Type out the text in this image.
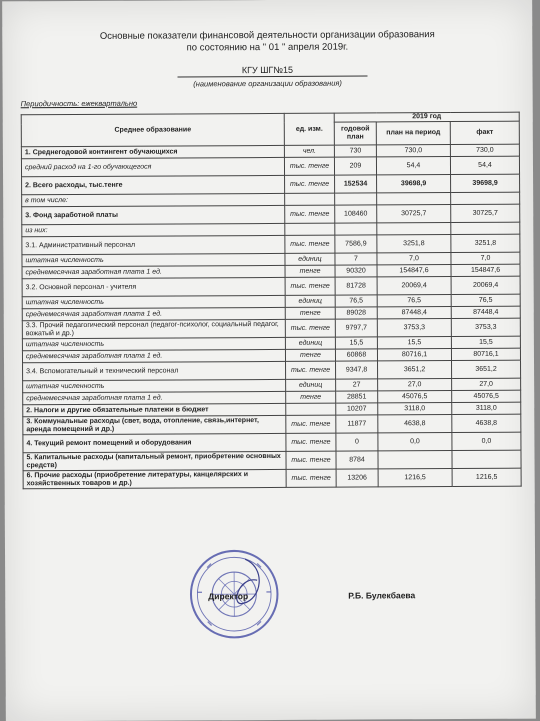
Основные показатели финансовой деятельности организации образования
по состоянию на " 01 " апреля 2019г.
КГУ ШГ№15
(наименование организации образования)
Периодичность: ежеквартально
Среднее образование	ед. изм.	2019 год		
		годовой план	план на период	факт
1. Среднегодовой контингент обучающихся	чел.	730	730,0	730,0
средний расход на 1-го обучающегося	тыс. тенге	209	54,4	54,4
2. Всего расходы, тыс.тенге	тыс. тенге	152534	39698,9	39698,9
в том числе:				
3. Фонд заработной платы	тыс. тенге	108460	30725,7	30725,7
из них:				
3.1. Административный персонал	тыс. тенге	7586,9	3251,8	3251,8
штатная численность	единиц	7	7,0	7,0
среднемесячная заработная плата 1 ед.	тенге	90320	154847,6	154847,6
3.2. Основной персонал - учителя	тыс. тенге	81728	20069,4	20069,4
штатная численность	единиц	76,5	76,5	76,5
среднемесячная заработная плата 1 ед.	тенге	89028	87448,4	87448,4
3.3. Прочий педагогический персонал (педагог-психолог, социальный педагог, вожатый и др.)	тыс. тенге	9797,7	3753,3	3753,3
штатная численность	единиц	15,5	15,5	15,5
среднемесячная заработная плата 1 ед.	тенге	60868	80716,1	80716,1
3.4. Вспомогательный и технический персонал	тыс. тенге	9347,8	3651,2	3651,2
штатная численность	единиц	27	27,0	27,0
среднемесячная заработная плата 1 ед.	тенге	28851	45076,5	45076,5
2. Налоги и другие обязательные платежи в бюджет		10207	3118,0	3118,0
3. Коммунальные расходы (свет, вода, отопление, связь,интернет, аренда помещений и др.)	тыс. тенге	11877	4638,8	4638,8
4. Текущий ремонт помещений и оборудования	тыс. тенге	0	0,0	0,0
5. Капитальные расходы (капитальный ремонт, приобретение основных средств)	тыс. тенге	8784		
6. Прочие расходы (приобретение литературы, канцелярских и хозяйственных товаров и др.)	тыс. тенге	13206	1216,5	1216,5
Директор	Р.Б. Булекбаева
